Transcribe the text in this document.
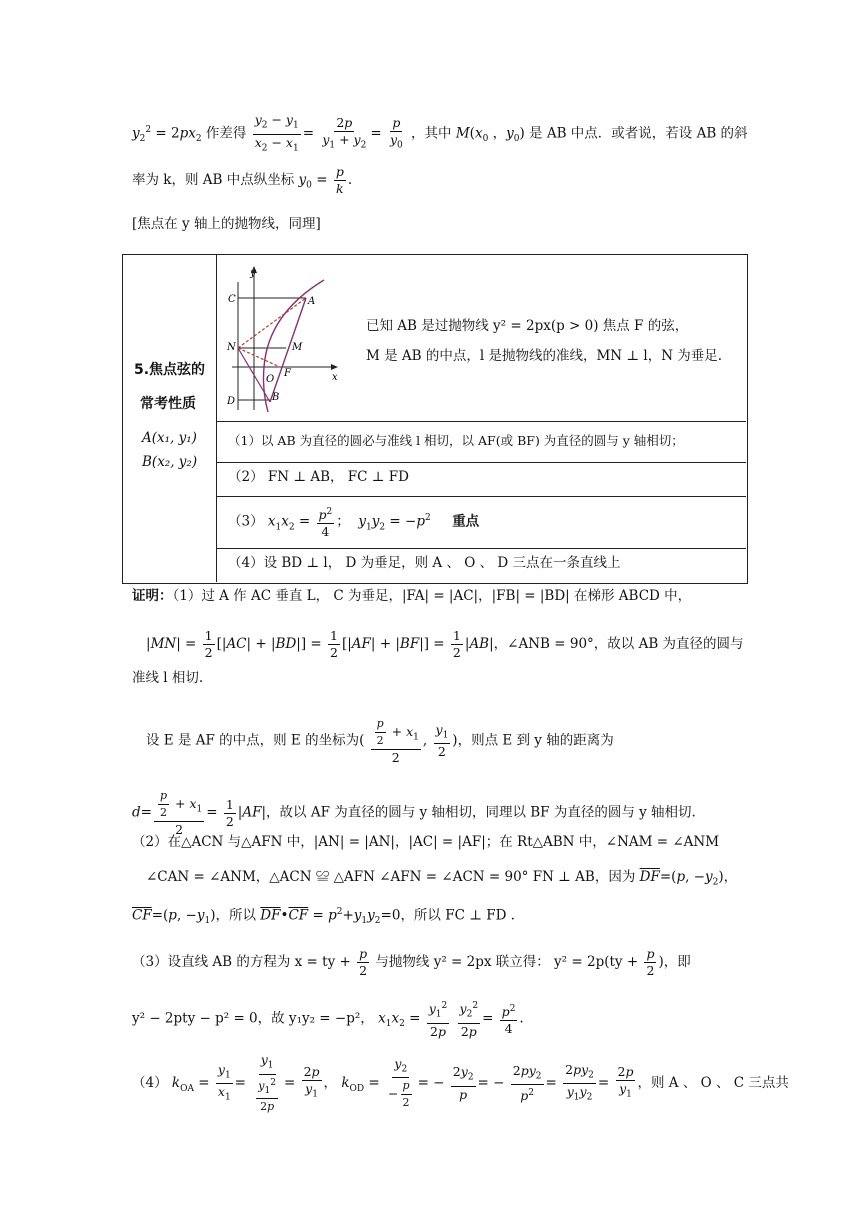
$y_2^2 = 2px_2$ 作差得 $\frac{y_2 - y_1}{x_2 - x_1} = \frac{2p}{y_1 + y_2} = \frac{p}{y_0}$ ，其中 $M(x_0$ ，$y_0$) 是 AB 中点．或者说，若设 AB 的斜
率为 k，则 AB 中点纵坐标 $y_0 = \frac{p}{k}$ .
[焦点在 y 轴上的抛物线，同理]
5.焦点弦的
常考性质
A(x₁, y₁)
B(x₂, y₂)
y
x
C	A
N	M
O
F
D	B
已知 AB 是过抛物线 y² = 2px(p > 0) 焦点 F 的弦，
M 是 AB 的中点，l 是抛物线的准线，MN ⊥ l，N 为垂足.
（1）以 AB 为直径的圆必与准线 l 相切，以 AF(或 BF) 为直径的圆与 y 轴相切；
（2） FN ⊥ AB， FC ⊥ FD
（3） $x_1x_2 = \frac{p^2}{4}$ ； $y_1y_2 = -p^2$ 重点
（4）设 BD ⊥ l， D 为垂足，则 A 、 O 、 D 三点在一条直线上
证明：（1）过 A 作 AC 垂直 L， C 为垂足，|FA| = |AC|，|FB| = |BD| 在梯形 ABCD 中，
$|MN| = \frac{1}{2} [|AC| + |BD|] = \frac{1}{2} [|AF| + |BF|] = \frac{1}{2} |AB|$，∠ANB = 90°，故以 AB 为直径的圆与
准线 l 相切.
设 E 是 AF 的中点，则 E 的坐标为( $\frac{\frac{p}{2} + x_1}{2}$ , $\frac{y_1}{2}$ )，则点 E 到 y 轴的距离为
$d= \frac{\frac{p}{2} + x_1}{2} = \frac{1}{2} |AF|$，故以 AF 为直径的圆与 y 轴相切，同理以 BF 为直径的圆与 y 轴相切.
（2）在△ACN 与△AFN 中，|AN| = |AN|，|AC| = |AF|；在 Rt△ABN 中，∠NAM = ∠ANM
∠CAN = ∠ANM，△ACN ≌ △AFN ∠AFN = ∠ACN = 90° FN ⊥ AB，因为 $\overline{DF}=(p$, $-y_2$)，
$\overline{CF}=(p$, $-y_1$)，所以 $\overline{DF}•\overline{CF} = p^2+y_1y_2=0$，所以 FC ⊥ FD .
（3）设直线 AB 的方程为 x = ty + $\frac{p}{2}$ 与抛物线 y² = 2px 联立得： $y^2 = 2p(ty + \frac{p}{2}$ )，即
y² − 2pty − p² = 0，故 y₁y₂ = −p²， $x_1x_2 = \frac{y_1^2}{2p}$
$\frac{y_2^2}{2p} = \frac{p^2}{4}$ .
（4） $k_{OA} = \frac{y_1}{x_1} = \frac{y_1}{\frac{y_1^2}{2p}} = \frac{2p}{y_1}$ ， $k_{OD} = \frac{y_2}{- \frac{p}{2}}$ = − $\frac{2y_2}{p}$ = − $\frac{2py_2}{p^2} = \frac{2py_2}{y_1y_2} = \frac{2p}{y_1}$ ，则 A 、 O 、 C 三点共
